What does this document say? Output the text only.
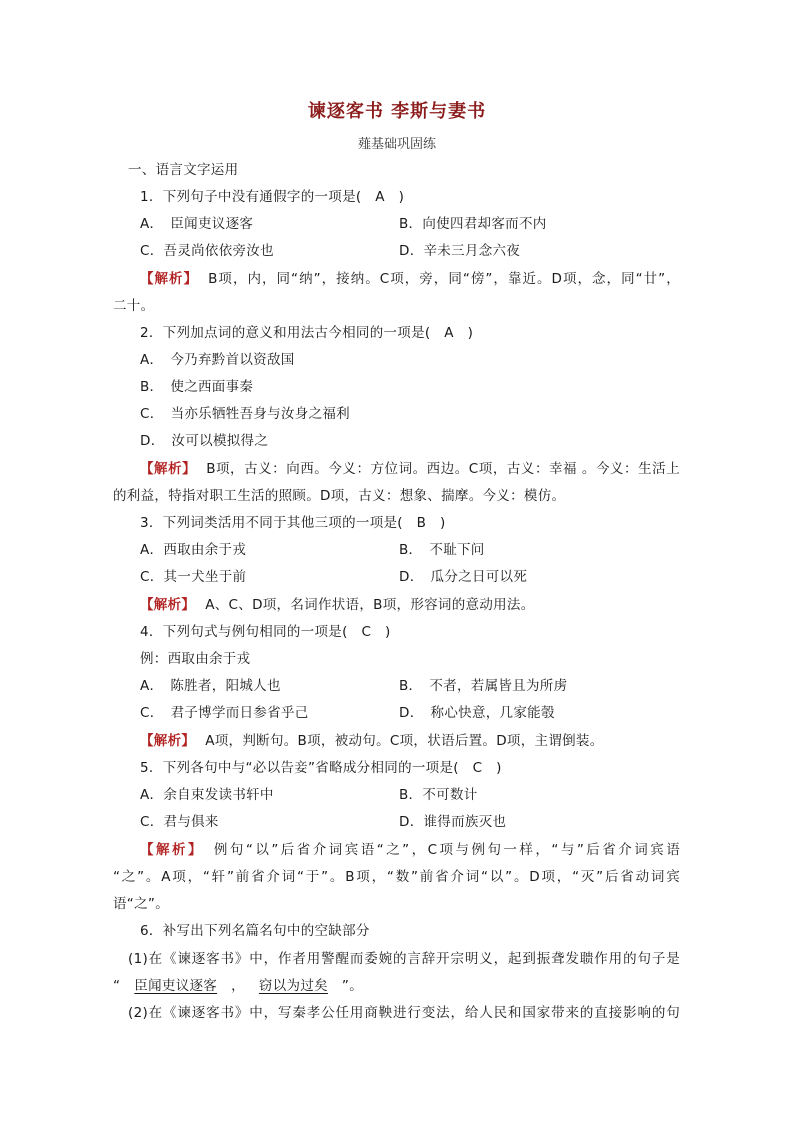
谏逐客书 李斯与妻书
薤基础巩固练
一、语言文字运用
1．下列句子中没有通假字的一项是(　A　)
A．　臣闻吏议逐客	B．向使四君却客而不内
C．吾灵尚依依旁汝也	D．辛未三月念六夜
【解析】 B项，内，同“纳”，接纳。C项，旁，同“傍”，靠近。D项，念，同“廿”，
二十。
2．下列加点词的意义和用法古今相同的一项是(　A　)
A．　今乃弃黔首以资敌国
B．　使之西面事秦
C．　当亦乐牺牲吾身与汝身之福利
D．　汝可以模拟得之
【解析】 B项，古义：向西。今义：方位词。西边。C项，古义：幸福 。今义：生活上
的利益，特指对职工生活的照顾。D项，古义：想象、揣摩。今义：模仿。
3．下列词类活用不同于其他三项的一项是(　B　)
A．西取由余于戎	B．　不耻下问
C．其一犬坐于前	D．　瓜分之日可以死
【解析】 A、C、D项，名词作状语，B项，形容词的意动用法。
4．下列句式与例句相同的一项是(　C　)
例：西取由余于戎
A．　陈胜者，阳城人也	B．　不者，若属皆且为所虏
C．　君子博学而日参省乎己	D．　称心快意，几家能彀
【解析】 A项，判断句。B项，被动句。C项，状语后置。D项，主谓倒装。
5．下列各句中与“必以告妾”省略成分相同的一项是(　C　)
A．余自束发读书轩中	B．不可数计
C．君与俱来	D．谁得而族灭也
【解析】 例句“以”后省介词宾语“之”，C项与例句一样，“与”后省介词宾语
“之”。A项，“轩”前省介词“于”。B项，“数”前省介词“以”。D项，“灭”后省动词宾
语“之”。
6．补写出下列名篇名句中的空缺部分
(1)在《谏逐客书》中，作者用警醒而委婉的言辞开宗明义，起到振聋发聩作用的句子是
“ 臣闻吏议逐客 ， 窃以为过矣 ”。
(2)在《谏逐客书》中，写秦孝公任用商鞅进行变法，给人民和国家带来的直接影响的句
